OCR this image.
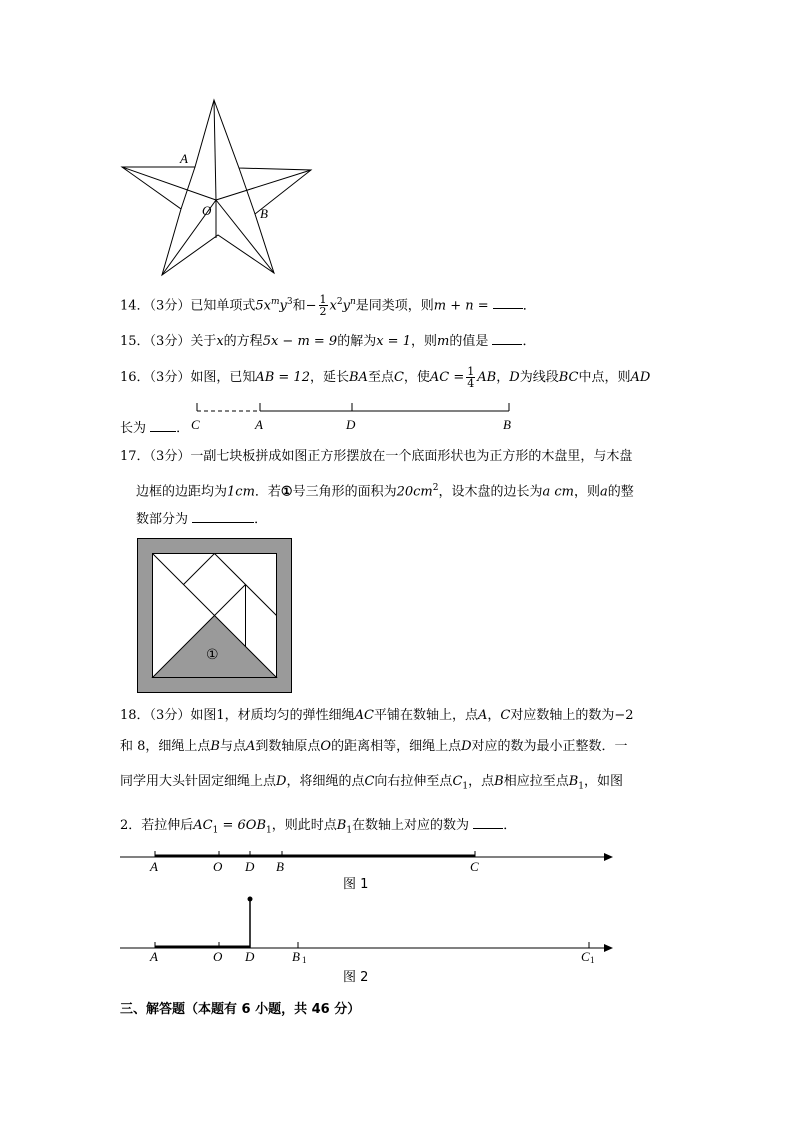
A
O	B
14．（3分）已知单项式$5x^my^3$和− $\frac{1}{2} x^2y^n$是同类项，则m + n =	．
15．（3分）关于x的方程5x − m = 9的解为x = 1，则m的值是	．
16．（3分）如图，已知AB = 12，延长BA至点C，使AC = $\frac{1}{4}$ AB，D为线段BC中点，则AD
C	A	D	B
长为 ．
17．（3分）一副七块板拼成如图正方形摆放在一个底面形状也为正方形的木盘里，与木盘
边框的边距均为1cm．若①号三角形的面积为$20cm^2$，设木盘的边长为a cm，则a的整
数部分为	．
①
18．（3分）如图1，材质均匀的弹性细绳AC平铺在数轴上，点A，C对应数轴上的数为−2
和 8，细绳上点B与点A到数轴原点O的距离相等，细绳上点D对应的数为最小正整数．一
同学用大头针固定细绳上点D，将细绳的点C向右拉伸至点$C_1$，点B相应拉至点$B_1$，如图
2．若拉伸后$AC_1 = 6OB_1$，则此时点$B_1$在数轴上对应的数为	．
A	O D B	C
图 1
A	O D	B 1	C 1
图 2
三、解答题（本题有 6 小题，共 46 分）
